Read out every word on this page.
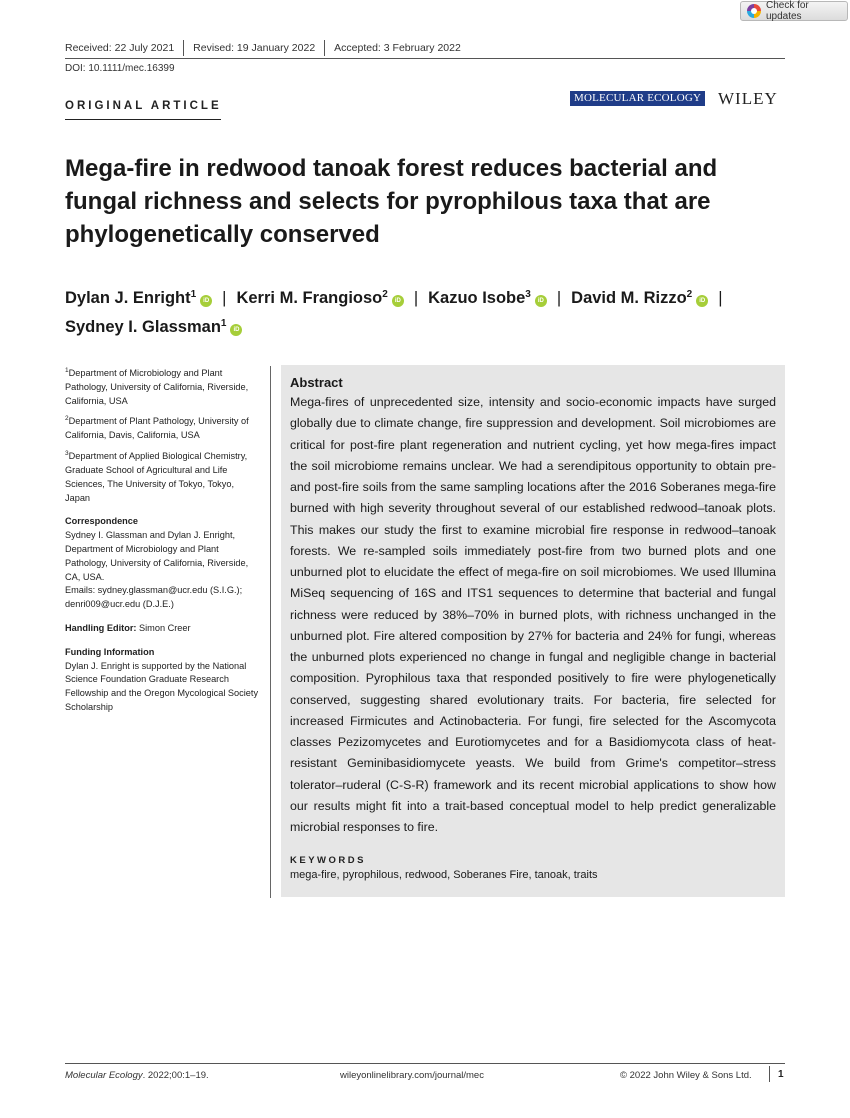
Check for updates
Received: 22 July 2021 Revised: 19 January 2022 Accepted: 3 February 2022
DOI: 10.1111/mec.16399
ORIGINAL ARTICLE
MOLECULAR ECOLOGY WILEY
Mega-fire in redwood tanoak forest reduces bacterial and fungal richness and selects for pyrophilous taxa that are phylogenetically conserved
Dylan J. Enright$^1$iD | Kerri M. Frangioso$^2$iD | Kazuo Isobe$^3$iD | David M. Rizzo$^2$iD |
Sydney I. Glassman$^1$iD
$^1$Department of Microbiology and Plant Pathology, University of California, Riverside, California, USA
$^2$Department of Plant Pathology, University of California, Davis, California, USA
$^3$Department of Applied Biological Chemistry, Graduate School of Agricultural and Life Sciences, The University of Tokyo, Tokyo, Japan
Correspondence
Sydney I. Glassman and Dylan J. Enright, Department of Microbiology and Plant Pathology, University of California, Riverside, CA, USA.
Emails: sydney.glassman@ucr.edu (S.I.G.); denri009@ucr.edu (D.J.E.)
Handling Editor: Simon Creer
Funding Information
Dylan J. Enright is supported by the National Science Foundation Graduate Research Fellowship and the Oregon Mycological Society Scholarship
Abstract

Mega-fires of unprecedented size, intensity and socio-economic impacts have surged globally due to climate change, fire suppression and development. Soil microbiomes are critical for post-fire plant regeneration and nutrient cycling, yet how mega-fires impact the soil microbiome remains unclear. We had a serendipitous opportunity to obtain pre- and post-fire soils from the same sampling locations after the 2016 Soberanes mega-fire burned with high severity throughout several of our established redwood–tanoak plots. This makes our study the first to examine microbial fire response in redwood–tanoak forests. We re-sampled soils immediately post-fire from two burned plots and one unburned plot to elucidate the effect of mega-fire on soil microbiomes. We used Illumina MiSeq sequencing of 16S and ITS1 sequences to determine that bacterial and fungal richness were reduced by 38%–70% in burned plots, with richness unchanged in the unburned plot. Fire altered composition by 27% for bacteria and 24% for fungi, whereas the unburned plots experienced no change in fungal and negligible change in bacterial composition. Pyrophilous taxa that responded positively to fire were phylogenetically conserved, suggesting shared evolutionary traits. For bacteria, fire selected for increased Firmicutes and Actinobacteria. For fungi, fire selected for the Ascomycota classes Pezizomycetes and Eurotiomycetes and for a Basidiomycota class of heat-resistant Geminibasidiomycete yeasts. We build from Grime's competitor–stress tolerator–ruderal (C-S-R) framework and its recent microbial applications to show how our results might fit into a trait-based conceptual model to help predict generalizable microbial responses to fire.

KEYWORDS
mega-fire, pyrophilous, redwood, Soberanes Fire, tanoak, traits
Molecular Ecology. 2022;00:1–19.	wileyonlinelibrary.com/journal/mec	© 2022 John Wiley & Sons Ltd.	1
